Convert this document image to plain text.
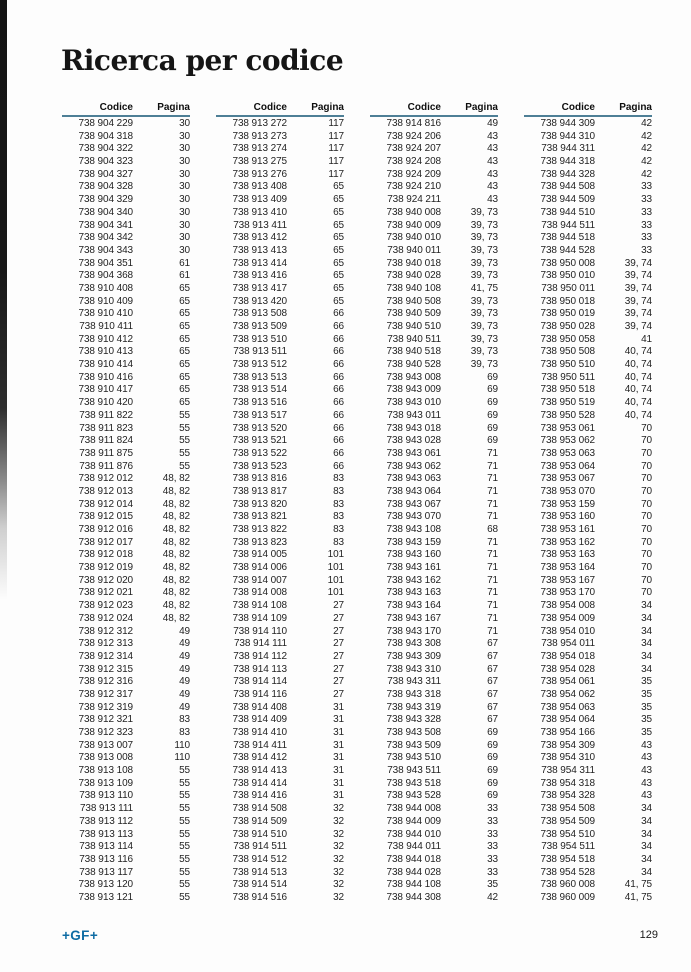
Ricerca per codice
Codice	Pagina
738 904 229	30
738 904 318	30
738 904 322	30
738 904 323	30
738 904 327	30
738 904 328	30
738 904 329	30
738 904 340	30
738 904 341	30
738 904 342	30
738 904 343	30
738 904 351	61
738 904 368	61
738 910 408	65
738 910 409	65
738 910 410	65
738 910 411	65
738 910 412	65
738 910 413	65
738 910 414	65
738 910 416	65
738 910 417	65
738 910 420	65
738 911 822	55
738 911 823	55
738 911 824	55
738 911 875	55
738 911 876	55
738 912 012	48, 82
738 912 013	48, 82
738 912 014	48, 82
738 912 015	48, 82
738 912 016	48, 82
738 912 017	48, 82
738 912 018	48, 82
738 912 019	48, 82
738 912 020	48, 82
738 912 021	48, 82
738 912 023	48, 82
738 912 024	48, 82
738 912 312	49
738 912 313	49
738 912 314	49
738 912 315	49
738 912 316	49
738 912 317	49
738 912 319	49
738 912 321	83
738 912 323	83
738 913 007	110
738 913 008	110
738 913 108	55
738 913 109	55
738 913 110	55
738 913 111	55
738 913 112	55
738 913 113	55
738 913 114	55
738 913 116	55
738 913 117	55
738 913 120	55
738 913 121	55
Codice	Pagina
738 913 272	117
738 913 273	117
738 913 274	117
738 913 275	117
738 913 276	117
738 913 408	65
738 913 409	65
738 913 410	65
738 913 411	65
738 913 412	65
738 913 413	65
738 913 414	65
738 913 416	65
738 913 417	65
738 913 420	65
738 913 508	66
738 913 509	66
738 913 510	66
738 913 511	66
738 913 512	66
738 913 513	66
738 913 514	66
738 913 516	66
738 913 517	66
738 913 520	66
738 913 521	66
738 913 522	66
738 913 523	66
738 913 816	83
738 913 817	83
738 913 820	83
738 913 821	83
738 913 822	83
738 913 823	83
738 914 005	101
738 914 006	101
738 914 007	101
738 914 008	101
738 914 108	27
738 914 109	27
738 914 110	27
738 914 111	27
738 914 112	27
738 914 113	27
738 914 114	27
738 914 116	27
738 914 408	31
738 914 409	31
738 914 410	31
738 914 411	31
738 914 412	31
738 914 413	31
738 914 414	31
738 914 416	31
738 914 508	32
738 914 509	32
738 914 510	32
738 914 511	32
738 914 512	32
738 914 513	32
738 914 514	32
738 914 516	32
Codice	Pagina
738 914 816	49
738 924 206	43
738 924 207	43
738 924 208	43
738 924 209	43
738 924 210	43
738 924 211	43
738 940 008	39, 73
738 940 009	39, 73
738 940 010	39, 73
738 940 011	39, 73
738 940 018	39, 73
738 940 028	39, 73
738 940 108	41, 75
738 940 508	39, 73
738 940 509	39, 73
738 940 510	39, 73
738 940 511	39, 73
738 940 518	39, 73
738 940 528	39, 73
738 943 008	69
738 943 009	69
738 943 010	69
738 943 011	69
738 943 018	69
738 943 028	69
738 943 061	71
738 943 062	71
738 943 063	71
738 943 064	71
738 943 067	71
738 943 070	71
738 943 108	68
738 943 159	71
738 943 160	71
738 943 161	71
738 943 162	71
738 943 163	71
738 943 164	71
738 943 167	71
738 943 170	71
738 943 308	67
738 943 309	67
738 943 310	67
738 943 311	67
738 943 318	67
738 943 319	67
738 943 328	67
738 943 508	69
738 943 509	69
738 943 510	69
738 943 511	69
738 943 518	69
738 943 528	69
738 944 008	33
738 944 009	33
738 944 010	33
738 944 011	33
738 944 018	33
738 944 028	33
738 944 108	35
738 944 308	42
Codice	Pagina
738 944 309	42
738 944 310	42
738 944 311	42
738 944 318	42
738 944 328	42
738 944 508	33
738 944 509	33
738 944 510	33
738 944 511	33
738 944 518	33
738 944 528	33
738 950 008	39, 74
738 950 010	39, 74
738 950 011	39, 74
738 950 018	39, 74
738 950 019	39, 74
738 950 028	39, 74
738 950 058	41
738 950 508	40, 74
738 950 510	40, 74
738 950 511	40, 74
738 950 518	40, 74
738 950 519	40, 74
738 950 528	40, 74
738 953 061	70
738 953 062	70
738 953 063	70
738 953 064	70
738 953 067	70
738 953 070	70
738 953 159	70
738 953 160	70
738 953 161	70
738 953 162	70
738 953 163	70
738 953 164	70
738 953 167	70
738 953 170	70
738 954 008	34
738 954 009	34
738 954 010	34
738 954 011	34
738 954 018	34
738 954 028	34
738 954 061	35
738 954 062	35
738 954 063	35
738 954 064	35
738 954 166	35
738 954 309	43
738 954 310	43
738 954 311	43
738 954 318	43
738 954 328	43
738 954 508	34
738 954 509	34
738 954 510	34
738 954 511	34
738 954 518	34
738 954 528	34
738 960 008	41, 75
738 960 009	41, 75
+GF+	129
